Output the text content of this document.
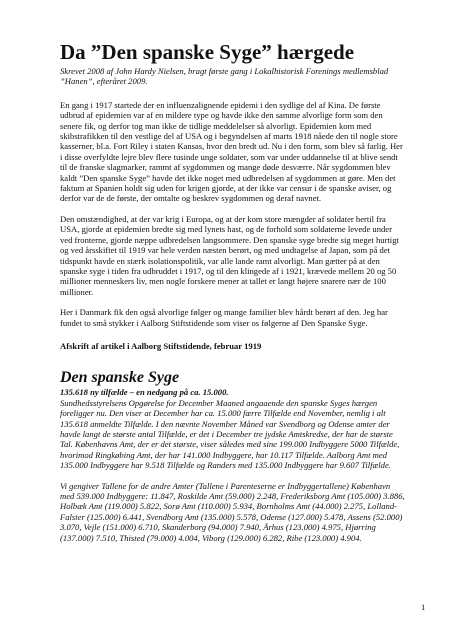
Da ”Den spanske Syge” hærgede
Skrevet 2008 af John Hardy Nielsen, bragt første gang i Lokalhistorisk Forenings medlemsblad ”Hanen”, efteråret 2009.

En gang i 1917 startede der en influenzalignende epidemi i den sydlige del af Kina. De første udbrud af epidemien var af en mildere type og havde ikke den samme alvorlige form som den senere fik, og derfor tog man ikke de tidlige meddelelser så alvorligt. Epidemien kom med skibstrafikken til den vestlige del af USA og i begyndelsen af marts 1918 nåede den til nogle store kasserner, bl.a. Fort Riley i staten Kansas, hvor den bredt ud. Nu i den form, som blev så farlig. Her i disse overfyldte lejre blev flere tusinde unge soldater, som var under uddannelse til at blive sendt til de franske slagmarker, rammt af sygdommen og mange døde desværre. Når sygdommen blev kaldt ”Den spanske Syge” havde det ikke noget med udbredelsen af sygdommen at gøre. Men det faktum at Spanien holdt sig uden for krigen gjorde, at der ikke var censur i de spanske aviser, og derfor var de de første, der omtalte og beskrev sygdommen og deraf navnet.

Den omstændighed, at der var krig i Europa, og at der kom store mængder af soldater hertil fra USA, gjorde at epidemien bredte sig med lynets hast, og de forhold som soldaterne levede under ved fronterne, gjorde næppe udbredelsen langsommere. Den spanske syge bredte sig meget hurtigt og ved årsskiftet til 1919 var hele verden næsten berørt, og med undtagelse af Japan, som på det tidspunkt havde en stærk isolationspolitik, var alle lande ramt alvorligt. Man gætter på at den spanske syge i tiden fra udbruddet i 1917, og til den klingede af i 1921, krævede mellem 20 og 50 millioner menneskers liv, men nogle forskere mener at tallet er langt højere snarere nær de 100 millioner.

Her i Danmark fik den også alvorlige følger og mange familier blev hårdt berørt af den. Jeg har fundet to små stykker i Aalborg Stiftstidende som viser os følgerne af Den Spanske Syge.

Afskrift af artikel i Aalborg Stiftstidende, februar 1919
Den spanske Syge
135.618 ny tilfælde – en nedgang på ca. 15.000.

Sundhedsstyrelsens Opgørelse for December Maaned angaaende den spanske Syges hærgen foreligger nu. Den viser at December har ca. 15.000 færre Tilfælde end November, nemlig i alt 135.618 anmeldte Tilfælde. I den nævnte November Måned var Svendborg og Odense amter der havde langt de største antal Tilfælde, er det i December tre jydske Amtskredse, der har de største Tal. Københavns Amt, der er det største, viser således med sine 199.000 Indbyggere 5000 Tilfælde, hvorimod Ringkøbing Amt, der har 141.000 Indbyggere, har 10.117 Tilfælde. Aalborg Amt med 135.000 Indbyggere har 9.518 Tilfælde og Randers med 135.000 Indbyggere har 9.607 Tilfælde.

Vi gengiver Tallene for de andre Amter (Tallene i Parenteserne er Indbyggertallene) København med 539.000 Indbyggere: 11.847, Roskilde Amt (59.000) 2.248, Frederiksborg Amt (105.000) 3.886, Holbæk Amt (119.000) 5.822, Sorø Amt (110.000) 5.934, Bornholms Amt (44.000) 2.275, Lolland-Falster (125.000) 6.441, Svendborg Amt (135.000) 5.578, Odense (127.000) 5.478, Assens (52.000) 3.070, Vejle (151.000) 6.710, Skanderborg (94.000) 7.940, Århus (123.000) 4.975, Hjørring (137.000) 7.510, Thisted (79.000) 4.004, Viborg (129.000) 6.282, Ribe (123.000) 4.904.

1
